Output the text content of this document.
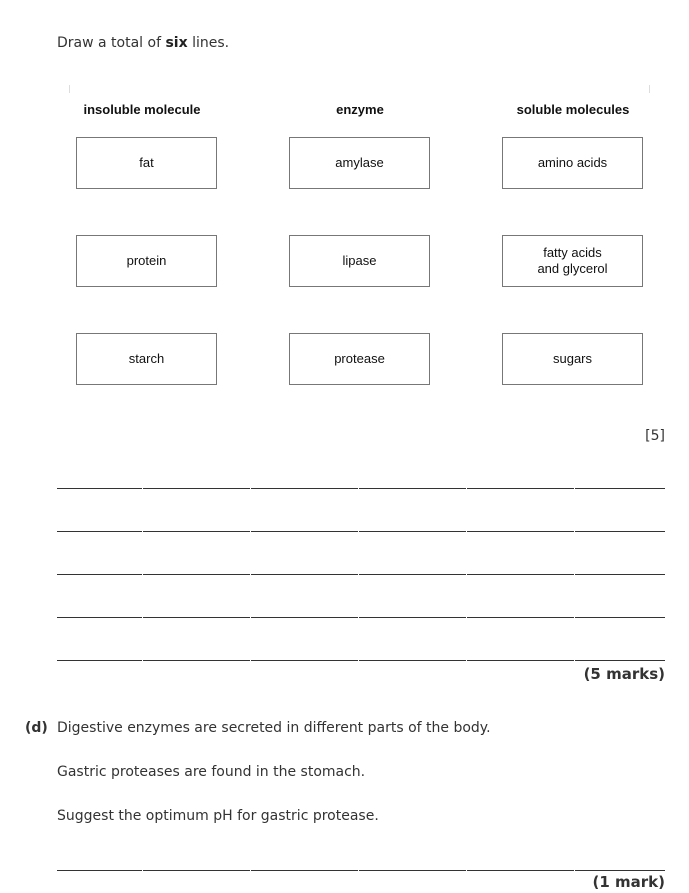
Draw a total of six lines.
insoluble molecule	enzyme	soluble molecules
fat
protein
starch
amylase
lipase
protease
amino acids
fatty acids
and glycerol
sugars
[5]
(5 marks)
(d) Digestive enzymes are secreted in different parts of the body.
Gastric proteases are found in the stomach.
Suggest the optimum pH for gastric protease.
(1 mark)
